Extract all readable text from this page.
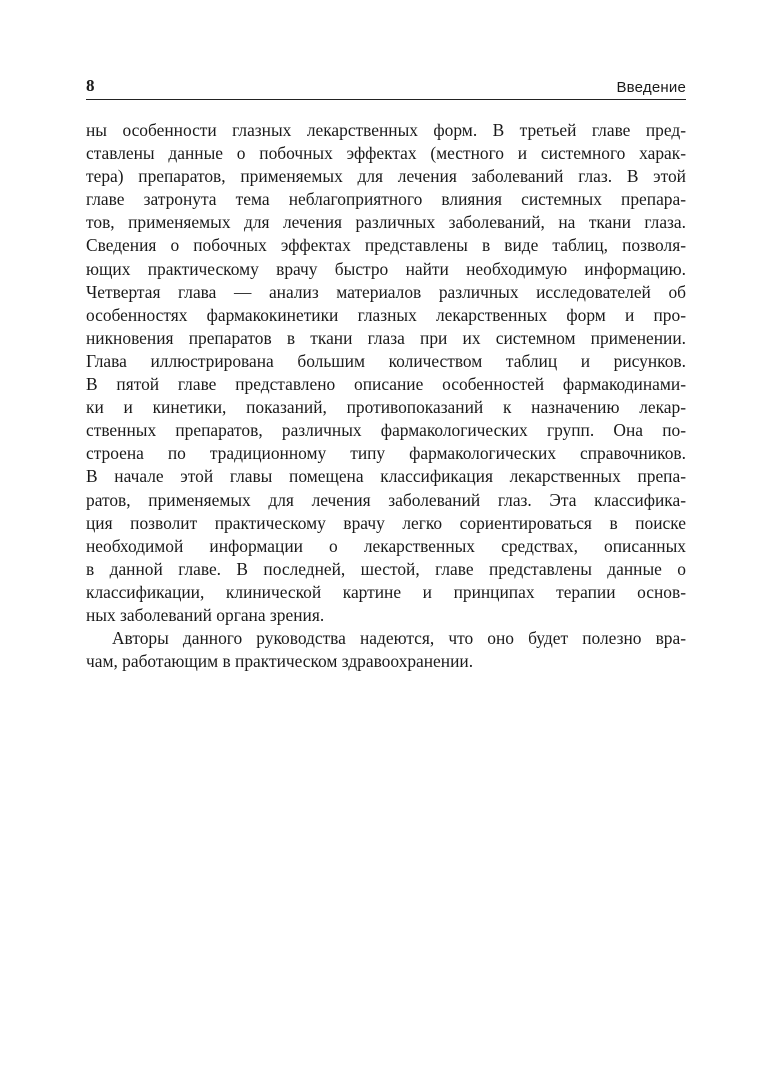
8	Введение
ны особенности глазных лекарственных форм. В третьей главе пред-
ставлены данные о побочных эффектах (местного и системного харак-
тера) препаратов, применяемых для лечения заболеваний глаз. В этой
главе затронута тема неблагоприятного влияния системных препара-
тов, применяемых для лечения различных заболеваний, на ткани глаза.
Сведения о побочных эффектах представлены в виде таблиц, позволя-
ющих практическому врачу быстро найти необходимую информацию.
Четвертая глава — анализ материалов различных исследователей об
особенностях фармакокинетики глазных лекарственных форм и про-
никновения препаратов в ткани глаза при их системном применении.
Глава иллюстрирована большим количеством таблиц и рисунков.
В пятой главе представлено описание особенностей фармакодинами-
ки и кинетики, показаний, противопоказаний к назначению лекар-
ственных препаратов, различных фармакологических групп. Она по-
строена по традиционному типу фармакологических справочников.
В начале этой главы помещена классификация лекарственных препа-
ратов, применяемых для лечения заболеваний глаз. Эта классифика-
ция позволит практическому врачу легко сориентироваться в поиске
необходимой информации о лекарственных средствах, описанных
в данной главе. В последней, шестой, главе представлены данные о
классификации, клинической картине и принципах терапии основ-
ных заболеваний органа зрения.
Авторы данного руководства надеются, что оно будет полезно вра-
чам, работающим в практическом здравоохранении.
